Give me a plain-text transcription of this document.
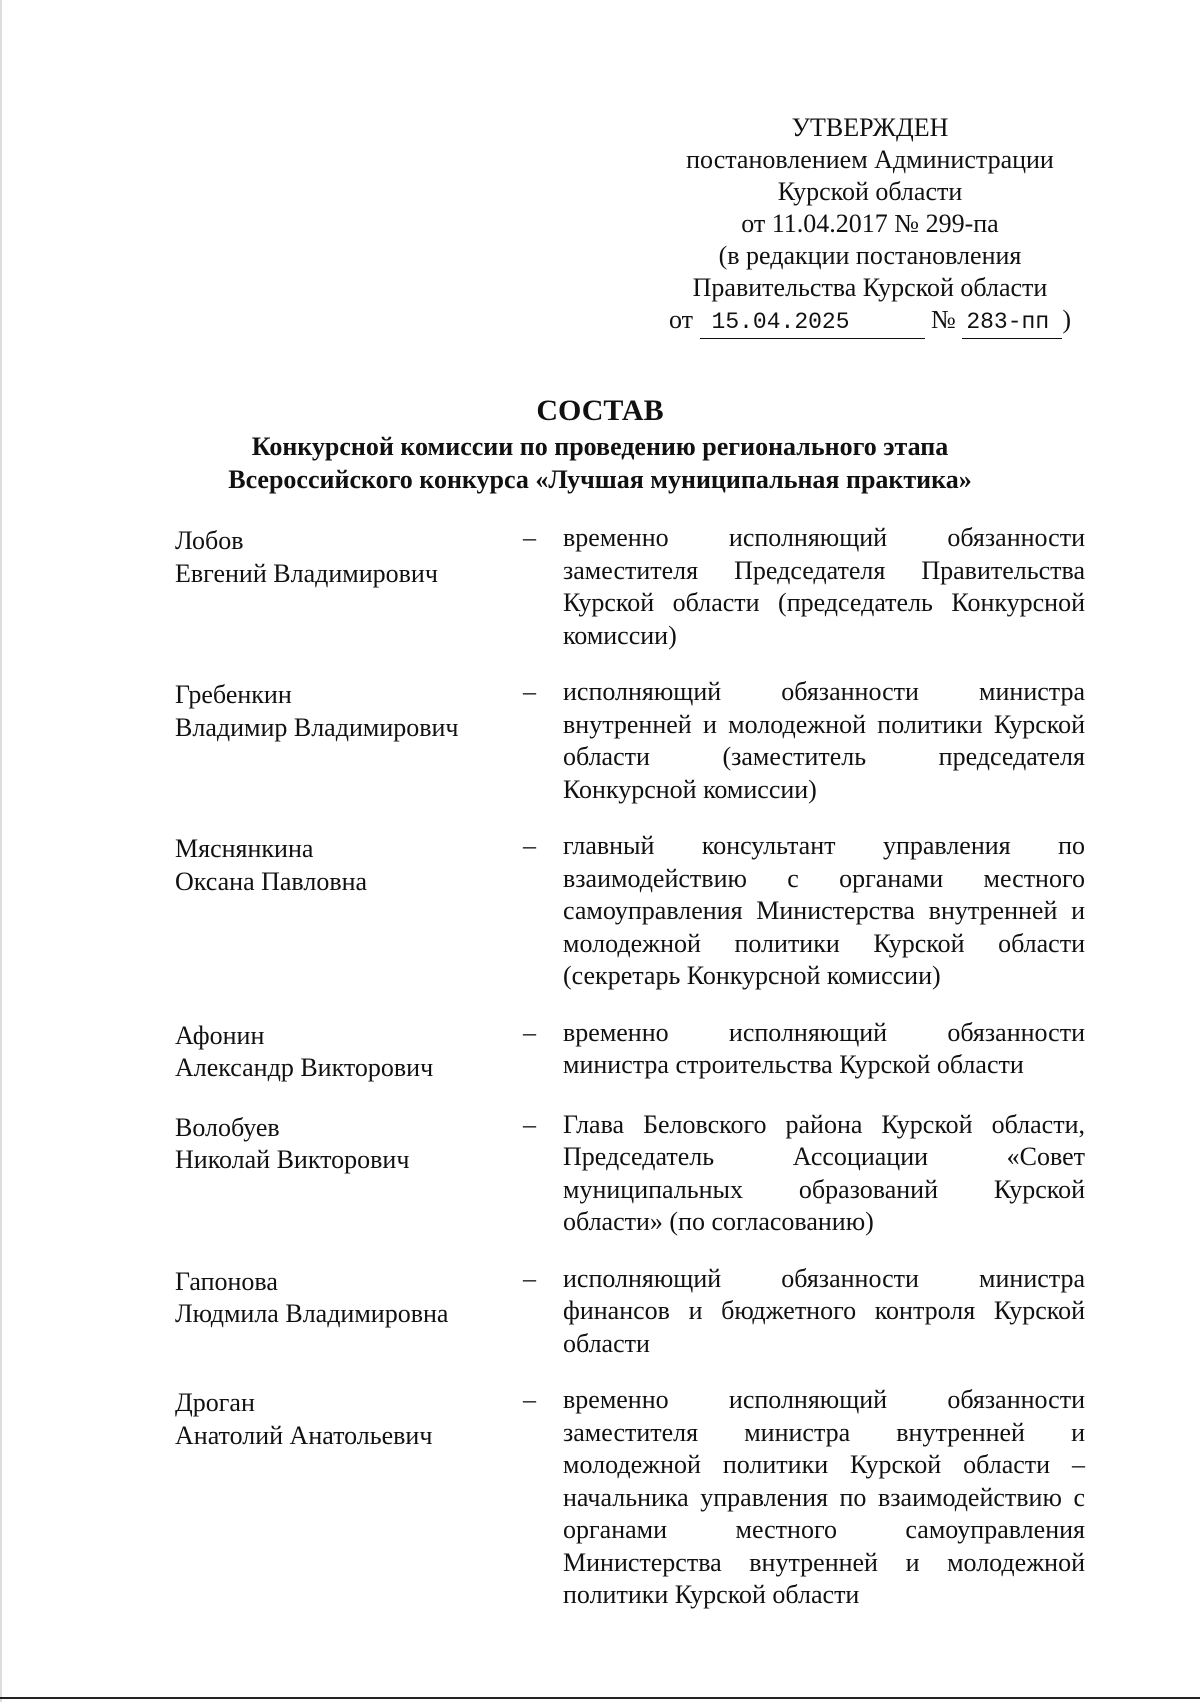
УТВЕРЖДЕН
постановлением Администрации
Курской области
от 11.04.2017 № 299-па
(в редакции постановления
Правительства Курской области
от 15.04.2025	№ 283-пп )
СОСТАВ
Конкурсной комиссии по проведению регионального этапа
Всероссийского конкурса «Лучшая муниципальная практика»
Лобов
Евгений Владимирович
–	временно исполняющий обязанности заместителя Председателя Правительства Курской области (председатель Конкурсной комиссии)
Гребенкин
Владимир Владимирович
–	исполняющий обязанности министра внутренней и молодежной политики Курской области (заместитель председателя Конкурсной комиссии)
Мяснянкина
Оксана Павловна
–	главный консультант управления по взаимодействию с органами местного самоуправления Министерства внутренней и молодежной политики Курской области (секретарь Конкурсной комиссии)
Афонин
Александр Викторович
–	временно исполняющий обязанности министра строительства Курской области
Волобуев
Николай Викторович
–	Глава Беловского района Курской области, Председатель Ассоциации «Совет муниципальных образований Курской области» (по согласованию)
Гапонова
Людмила Владимировна
–	исполняющий обязанности министра финансов и бюджетного контроля Курской области
Дроган
Анатолий Анатольевич
–	временно исполняющий обязанности заместителя министра внутренней и молодежной политики Курской области – начальника управления по взаимодействию с органами местного самоуправления Министерства внутренней и молодежной политики Курской области
